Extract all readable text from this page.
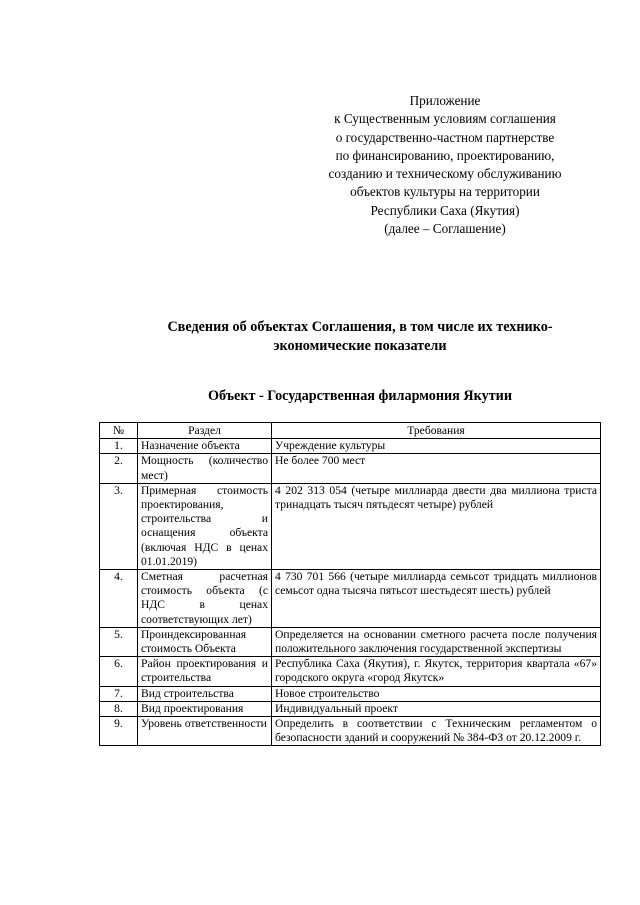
Приложение
к Существенным условиям соглашения
о государственно-частном партнерстве
по финансированию, проектированию,
созданию и техническому обслуживанию
объектов культуры на территории
Республики Саха (Якутия)
(далее – Соглашение)
Сведения об объектах Соглашения, в том числе их технико-
экономические показатели
Объект - Государственная филармония Якутии
№	Раздел	Требования
1.	Назначение объекта	Учреждение культуры
2.	Мощность (количество мест)	Не более 700 мест
3.	Примерная стоимость проектирования, строительства и оснащения объекта (включая НДС в ценах 01.01.2019)	4 202 313 054 (четыре миллиарда двести два миллиона триста тринадцать тысяч пятьдесят четыре) рублей
4.	Сметная расчетная стоимость объекта (с НДС в ценах соответствующих лет)	4 730 701 566 (четыре миллиарда семьсот тридцать миллионов семьсот одна тысяча пятьсот шестьдесят шесть) рублей
5.	Проиндексированная стоимость Объекта	Определяется на основании сметного расчета после получения положительного заключения государственной экспертизы
6.	Район проектирования и строительства	Республика Саха (Якутия), г. Якутск, территория квартала «67» городского округа «город Якутск»
7.	Вид строительства	Новое строительство
8.	Вид проектирования	Индивидуальный проект
9.	Уровень ответственности	Определить в соответствии с Техническим регламентом о безопасности зданий и сооружений № 384-ФЗ от 20.12.2009 г.
